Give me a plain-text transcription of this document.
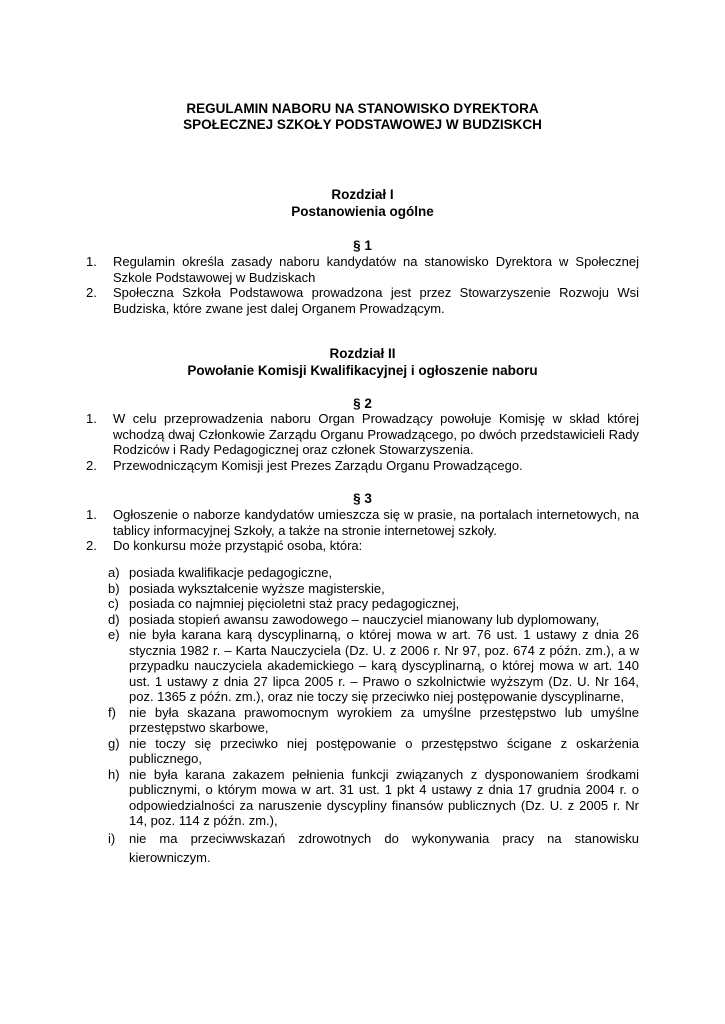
REGULAMIN NABORU NA STANOWISKO DYREKTORA
SPOŁECZNEJ SZKOŁY PODSTAWOWEJ W BUDZISKCH
Rozdział I
Postanowienia ogólne
§ 1
1. Regulamin określa zasady naboru kandydatów na stanowisko Dyrektora w Społecznej Szkole Podstawowej w Budziskach
2. Społeczna Szkoła Podstawowa prowadzona jest przez Stowarzyszenie Rozwoju Wsi Budziska, które zwane jest dalej Organem Prowadzącym.
Rozdział II
Powołanie Komisji Kwalifikacyjnej i ogłoszenie naboru
§ 2
1. W celu przeprowadzenia naboru Organ Prowadzący powołuje Komisję w skład której wchodzą dwaj Członkowie Zarządu Organu Prowadzącego, po dwóch przedstawicieli Rady Rodziców i Rady Pedagogicznej oraz członek Stowarzyszenia.
2. Przewodniczącym Komisji jest Prezes Zarządu Organu Prowadzącego.
§ 3
1. Ogłoszenie o naborze kandydatów umieszcza się w prasie, na portalach internetowych, na tablicy informacyjnej Szkoły, a także na stronie internetowej szkoły.
2. Do konkursu może przystąpić osoba, która:
a) posiada kwalifikacje pedagogiczne,
b) posiada wykształcenie wyższe magisterskie,
c) posiada co najmniej pięcioletni staż pracy pedagogicznej,
d) posiada stopień awansu zawodowego – nauczyciel mianowany lub dyplomowany,
e) nie była karana karą dyscyplinarną, o której mowa w art. 76 ust. 1 ustawy z dnia 26 stycznia 1982 r. – Karta Nauczyciela (Dz. U. z 2006 r. Nr 97, poz. 674 z późn. zm.), a w przypadku nauczyciela akademickiego – karą dyscyplinarną, o której mowa w art. 140 ust. 1 ustawy z dnia 27 lipca 2005 r. – Prawo o szkolnictwie wyższym (Dz. U. Nr 164, poz. 1365 z późn. zm.), oraz nie toczy się przeciwko niej postępowanie dyscyplinarne,
f) nie była skazana prawomocnym wyrokiem za umyślne przestępstwo lub umyślne przestępstwo skarbowe,
g) nie toczy się przeciwko niej postępowanie o przestępstwo ścigane z oskarżenia publicznego,
h) nie była karana zakazem pełnienia funkcji związanych z dysponowaniem środkami publicznymi, o którym mowa w art. 31 ust. 1 pkt 4 ustawy z dnia 17 grudnia 2004 r. o odpowiedzialności za naruszenie dyscypliny finansów publicznych (Dz. U. z 2005 r. Nr 14, poz. 114 z późn. zm.),
i) nie ma przeciwwskazań zdrowotnych do wykonywania pracy na stanowisku kierowniczym.
